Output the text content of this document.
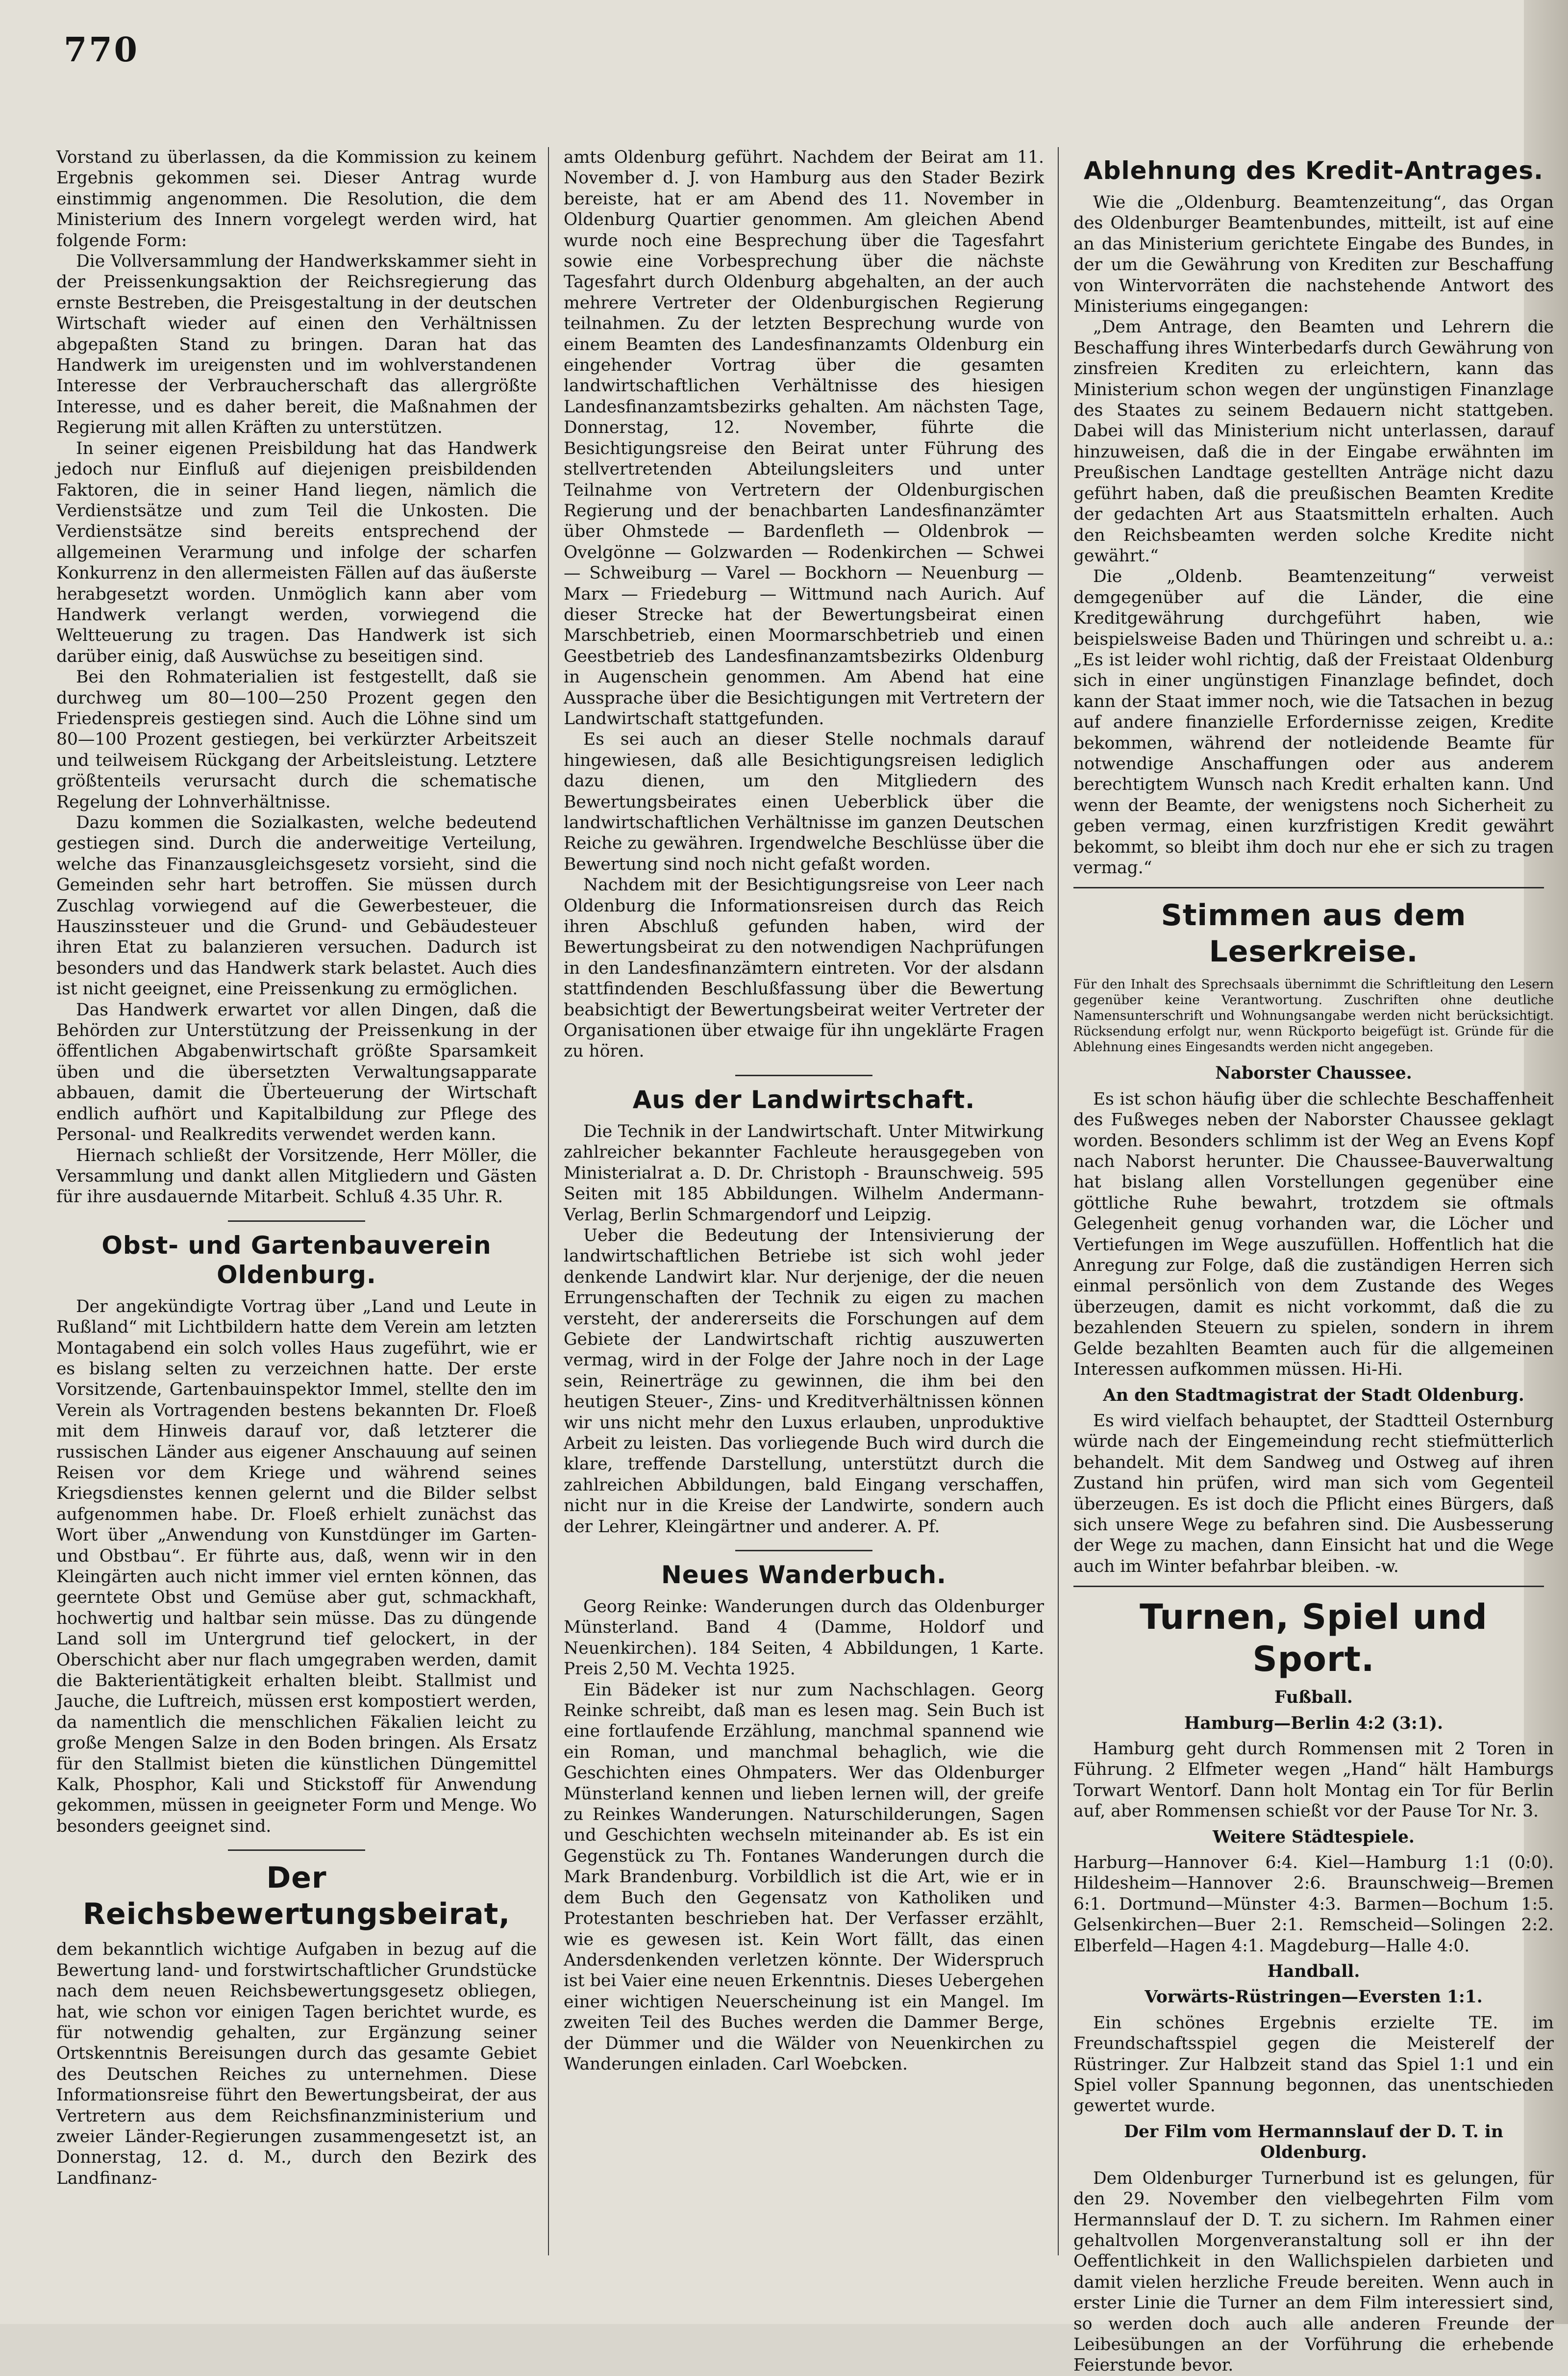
770

Vorstand zu überlassen, da die Kommission zu keinem Ergebnis gekommen sei. Dieser Antrag wurde einstimmig angenommen. Die Resolution, die dem Ministerium des Innern vorgelegt werden wird, hat folgende Form:

Die Vollversammlung der Handwerkskammer sieht in der Preissenkungsaktion der Reichsregierung das ernste Bestreben, die Preisgestaltung in der deutschen Wirtschaft wieder auf einen den Verhältnissen abgepaßten Stand zu bringen. Daran hat das Handwerk im ureigensten und im wohlverstandenen Interesse der Verbraucherschaft das allergrößte Interesse, und es daher bereit, die Maßnahmen der Regierung mit allen Kräften zu unterstützen.

In seiner eigenen Preisbildung hat das Handwerk jedoch nur Einfluß auf diejenigen preisbildenden Faktoren, die in seiner Hand liegen, nämlich die Verdienstsätze und zum Teil die Unkosten. Die Verdienstsätze sind bereits entsprechend der allgemeinen Verarmung und infolge der scharfen Konkurrenz in den allermeisten Fällen auf das äußerste herabgesetzt worden. Unmöglich kann aber vom Handwerk verlangt werden, vorwiegend die Weltteuerung zu tragen. Das Handwerk ist sich darüber einig, daß Auswüchse zu beseitigen sind.

Bei den Rohmaterialien ist festgestellt, daß sie durchweg um 80—100—250 Prozent gegen den Friedenspreis gestiegen sind. Auch die Löhne sind um 80—100 Prozent gestiegen, bei verkürzter Arbeitszeit und teilweisem Rückgang der Arbeitsleistung. Letztere größtenteils verursacht durch die schematische Regelung der Lohnverhältnisse.

Dazu kommen die Sozialkasten, welche bedeutend gestiegen sind. Durch die anderweitige Verteilung, welche das Finanzausgleichsgesetz vorsieht, sind die Gemeinden sehr hart betroffen. Sie müssen durch Zuschlag vorwiegend auf die Gewerbesteuer, die Hauszinssteuer und die Grund- und Gebäudesteuer ihren Etat zu balanzieren versuchen. Dadurch ist besonders und das Handwerk stark belastet. Auch dies ist nicht geeignet, eine Preissenkung zu ermöglichen.

Das Handwerk erwartet vor allen Dingen, daß die Behörden zur Unterstützung der Preissenkung in der öffentlichen Abgabenwirtschaft größte Sparsamkeit üben und die übersetzten Verwaltungsapparate abbauen, damit die Überteuerung der Wirtschaft endlich aufhört und Kapitalbildung zur Pflege des Personal- und Realkredits verwendet werden kann.

Hiernach schließt der Vorsitzende, Herr Möller, die Versammlung und dankt allen Mitgliedern und Gästen für ihre ausdauernde Mitarbeit. Schluß 4.35 Uhr. R.

Obst- und Gartenbauverein Oldenburg.

Der angekündigte Vortrag über „Land und Leute in Rußland“ mit Lichtbildern hatte dem Verein am letzten Montagabend ein solch volles Haus zugeführt, wie er es bislang selten zu verzeichnen hatte. Der erste Vorsitzende, Gartenbauinspektor Immel, stellte den im Verein als Vortragenden bestens bekannten Dr. Floeß mit dem Hinweis darauf vor, daß letzterer die russischen Länder aus eigener Anschauung auf seinen Reisen vor dem Kriege und während seines Kriegsdienstes kennen gelernt und die Bilder selbst aufgenommen habe. Dr. Floeß erhielt zunächst das Wort über „Anwendung von Kunstdünger im Garten- und Obstbau“. Er führte aus, daß, wenn wir in den Kleingärten auch nicht immer viel ernten können, das geerntete Obst und Gemüse aber gut, schmackhaft, hochwertig und haltbar sein müsse. Das zu düngende Land soll im Untergrund tief gelockert, in der Oberschicht aber nur flach umgegraben werden, damit die Bakterientätigkeit erhalten bleibt. Stallmist und Jauche, die Luftreich, müssen erst kompostiert werden, da namentlich die menschlichen Fäkalien leicht zu große Mengen Salze in den Boden bringen. Als Ersatz für den Stallmist bieten die künstlichen Düngemittel Kalk, Phosphor, Kali und Stickstoff für Anwendung gekommen, müssen in geeigneter Form und Menge. Wo besonders geeignet sind.

Der Reichsbewertungsbeirat,

dem bekanntlich wichtige Aufgaben in bezug auf die Bewertung land- und forstwirtschaftlicher Grundstücke nach dem neuen Reichsbewertungsgesetz obliegen, hat, wie schon vor einigen Tagen berichtet wurde, es für notwendig gehalten, zur Ergänzung seiner Ortskenntnis Bereisungen durch das gesamte Gebiet des Deutschen Reiches zu unternehmen. Diese Informationsreise führt den Bewertungsbeirat, der aus Vertretern aus dem Reichsfinanzministerium und zweier Länder-Regierungen zusammengesetzt ist, an Donnerstag, 12. d. M., durch den Bezirk des Landfinanz-

amts Oldenburg geführt. Nachdem der Beirat am 11. November d. J. von Hamburg aus den Stader Bezirk bereiste, hat er am Abend des 11. November in Oldenburg Quartier genommen. Am gleichen Abend wurde noch eine Besprechung über die Tagesfahrt sowie eine Vorbesprechung über die nächste Tagesfahrt durch Oldenburg abgehalten, an der auch mehrere Vertreter der Oldenburgischen Regierung teilnahmen. Zu der letzten Besprechung wurde von einem Beamten des Landesfinanzamts Oldenburg ein eingehender Vortrag über die gesamten landwirtschaftlichen Verhältnisse des hiesigen Landesfinanzamtsbezirks gehalten. Am nächsten Tage, Donnerstag, 12. November, führte die Besichtigungsreise den Beirat unter Führung des stellvertretenden Abteilungsleiters und unter Teilnahme von Vertretern der Oldenburgischen Regierung und der benachbarten Landesfinanzämter über Ohmstede — Bardenfleth — Oldenbrok — Ovelgönne — Golzwarden — Rodenkirchen — Schwei — Schweiburg — Varel — Bockhorn — Neuenburg — Marx — Friedeburg — Wittmund nach Aurich. Auf dieser Strecke hat der Bewertungsbeirat einen Marschbetrieb, einen Moormarschbetrieb und einen Geestbetrieb des Landesfinanzamtsbezirks Oldenburg in Augenschein genommen. Am Abend hat eine Aussprache über die Besichtigungen mit Vertretern der Landwirtschaft stattgefunden.

Es sei auch an dieser Stelle nochmals darauf hingewiesen, daß alle Besichtigungsreisen lediglich dazu dienen, um den Mitgliedern des Bewertungsbeirates einen Ueberblick über die landwirtschaftlichen Verhältnisse im ganzen Deutschen Reiche zu gewähren. Irgendwelche Beschlüsse über die Bewertung sind noch nicht gefaßt worden.

Nachdem mit der Besichtigungsreise von Leer nach Oldenburg die Informationsreisen durch das Reich ihren Abschluß gefunden haben, wird der Bewertungsbeirat zu den notwendigen Nachprüfungen in den Landesfinanzämtern eintreten. Vor der alsdann stattfindenden Beschlußfassung über die Bewertung beabsichtigt der Bewertungsbeirat weiter Vertreter der Organisationen über etwaige für ihn ungeklärte Fragen zu hören.

Aus der Landwirtschaft.

Die Technik in der Landwirtschaft. Unter Mitwirkung zahlreicher bekannter Fachleute herausgegeben von Ministerialrat a. D. Dr. Christoph - Braunschweig. 595 Seiten mit 185 Abbildungen. Wilhelm Andermann-Verlag, Berlin Schmargendorf und Leipzig.

Ueber die Bedeutung der Intensivierung der landwirtschaftlichen Betriebe ist sich wohl jeder denkende Landwirt klar. Nur derjenige, der die neuen Errungenschaften der Technik zu eigen zu machen versteht, der andererseits die Forschungen auf dem Gebiete der Landwirtschaft richtig auszuwerten vermag, wird in der Folge der Jahre noch in der Lage sein, Reinerträge zu gewinnen, die ihm bei den heutigen Steuer-, Zins- und Kreditverhältnissen können wir uns nicht mehr den Luxus erlauben, unproduktive Arbeit zu leisten. Das vorliegende Buch wird durch die klare, treffende Darstellung, unterstützt durch die zahlreichen Abbildungen, bald Eingang verschaffen, nicht nur in die Kreise der Landwirte, sondern auch der Lehrer, Kleingärtner und anderer. A. Pf.

Neues Wanderbuch.

Georg Reinke: Wanderungen durch das Oldenburger Münsterland. Band 4 (Damme, Holdorf und Neuenkirchen). 184 Seiten, 4 Abbildungen, 1 Karte. Preis 2,50 M. Vechta 1925.

Ein Bädeker ist nur zum Nachschlagen. Georg Reinke schreibt, daß man es lesen mag. Sein Buch ist eine fortlaufende Erzählung, manchmal spannend wie ein Roman, und manchmal behaglich, wie die Geschichten eines Ohmpaters. Wer das Oldenburger Münsterland kennen und lieben lernen will, der greife zu Reinkes Wanderungen. Naturschilderungen, Sagen und Geschichten wechseln miteinander ab. Es ist ein Gegenstück zu Th. Fontanes Wanderungen durch die Mark Brandenburg. Vorbildlich ist die Art, wie er in dem Buch den Gegensatz von Katholiken und Protestanten beschrieben hat. Der Verfasser erzählt, wie es gewesen ist. Kein Wort fällt, das einen Andersdenkenden verletzen könnte. Der Widerspruch ist bei Vaier eine neuen Erkenntnis. Dieses Uebergehen einer wichtigen Neuerscheinung ist ein Mangel. Im zweiten Teil des Buches werden die Dammer Berge, der Dümmer und die Wälder von Neuenkirchen zu Wanderungen einladen. Carl Woebcken.

Ablehnung des Kredit-Antrages.

Wie die „Oldenburg. Beamtenzeitung“, das Organ des Oldenburger Beamtenbundes, mitteilt, ist auf eine an das Ministerium gerichtete Eingabe des Bundes, in der um die Gewährung von Krediten zur Beschaffung von Wintervorräten die nachstehende Antwort des Ministeriums eingegangen:

„Dem Antrage, den Beamten und Lehrern die Beschaffung ihres Winterbedarfs durch Gewährung von zinsfreien Krediten zu erleichtern, kann das Ministerium schon wegen der ungünstigen Finanzlage des Staates zu seinem Bedauern nicht stattgeben. Dabei will das Ministerium nicht unterlassen, darauf hinzuweisen, daß die in der Eingabe erwähnten im Preußischen Landtage gestellten Anträge nicht dazu geführt haben, daß die preußischen Beamten Kredite der gedachten Art aus Staatsmitteln erhalten. Auch den Reichsbeamten werden solche Kredite nicht gewährt.“

Die „Oldenb. Beamtenzeitung“ verweist demgegenüber auf die Länder, die eine Kreditgewährung durchgeführt haben, wie beispielsweise Baden und Thüringen und schreibt u. a.: „Es ist leider wohl richtig, daß der Freistaat Oldenburg sich in einer ungünstigen Finanzlage befindet, doch kann der Staat immer noch, wie die Tatsachen in bezug auf andere finanzielle Erfordernisse zeigen, Kredite bekommen, während der notleidende Beamte für notwendige Anschaffungen oder aus anderem berechtigtem Wunsch nach Kredit erhalten kann. Und wenn der Beamte, der wenigstens noch Sicherheit zu geben vermag, einen kurzfristigen Kredit gewährt bekommt, so bleibt ihm doch nur ehe er sich zu tragen vermag.“

Stimmen aus dem Leserkreise.

Für den Inhalt des Sprechsaals übernimmt die Schriftleitung den Lesern gegenüber keine Verantwortung. Zuschriften ohne deutliche Namensunterschrift und Wohnungsangabe werden nicht berücksichtigt. Rücksendung erfolgt nur, wenn Rückporto beigefügt ist. Gründe für die Ablehnung eines Eingesandts werden nicht angegeben.

Naborster Chaussee.

Es ist schon häufig über die schlechte Beschaffenheit des Fußweges neben der Naborster Chaussee geklagt worden. Besonders schlimm ist der Weg an Evens Kopf nach Naborst herunter. Die Chaussee-Bauverwaltung hat bislang allen Vorstellungen gegenüber eine göttliche Ruhe bewahrt, trotzdem sie oftmals Gelegenheit genug vorhanden war, die Löcher und Vertiefungen im Wege auszufüllen. Hoffentlich hat die Anregung zur Folge, daß die zuständigen Herren sich einmal persönlich von dem Zustande des Weges überzeugen, damit es nicht vorkommt, daß die zu bezahlenden Steuern zu spielen, sondern in ihrem Gelde bezahlten Beamten auch für die allgemeinen Interessen aufkommen müssen. Hi-Hi.

An den Stadtmagistrat der Stadt Oldenburg.

Es wird vielfach behauptet, der Stadtteil Osternburg würde nach der Eingemeindung recht stiefmütterlich behandelt. Mit dem Sandweg und Ostweg auf ihren Zustand hin prüfen, wird man sich vom Gegenteil überzeugen. Es ist doch die Pflicht eines Bürgers, daß sich unsere Wege zu befahren sind. Die Ausbesserung der Wege zu machen, dann Einsicht hat und die Wege auch im Winter befahrbar bleiben. -w.

Turnen, Spiel und Sport.

Fußball.

Hamburg—Berlin 4:2 (3:1).

Hamburg geht durch Rommensen mit 2 Toren in Führung. 2 Elfmeter wegen „Hand“ hält Hamburgs Torwart Wentorf. Dann holt Montag ein Tor für Berlin auf, aber Rommensen schießt vor der Pause Tor Nr. 3.

Weitere Städtespiele.

Harburg—Hannover 6:4. Kiel—Hamburg 1:1 (0:0). Hildesheim—Hannover 2:6. Braunschweig—Bremen 6:1. Dortmund—Münster 4:3. Barmen—Bochum 1:5. Gelsenkirchen—Buer 2:1. Remscheid—Solingen 2:2. Elberfeld—Hagen 4:1. Magdeburg—Halle 4:0.

Handball.

Vorwärts-Rüstringen—Eversten 1:1.

Ein schönes Ergebnis erzielte TE. im Freundschaftsspiel gegen die Meisterelf der Rüstringer. Zur Halbzeit stand das Spiel 1:1 und ein Spiel voller Spannung begonnen, das unentschieden gewertet wurde.

Der Film vom Hermannslauf der D. T. in Oldenburg.

Dem Oldenburger Turnerbund ist es gelungen, für den 29. November den vielbegehrten Film vom Hermannslauf der D. T. zu sichern. Im Rahmen einer gehaltvollen Morgenveranstaltung soll er ihn der Oeffentlichkeit in den Wallichspielen darbieten und damit vielen herzliche Freude bereiten. Wenn auch in erster Linie die Turner an dem Film interessiert sind, so werden doch auch alle anderen Freunde der Leibesübungen an der Vorführung die erhebende Feierstunde bevor.
